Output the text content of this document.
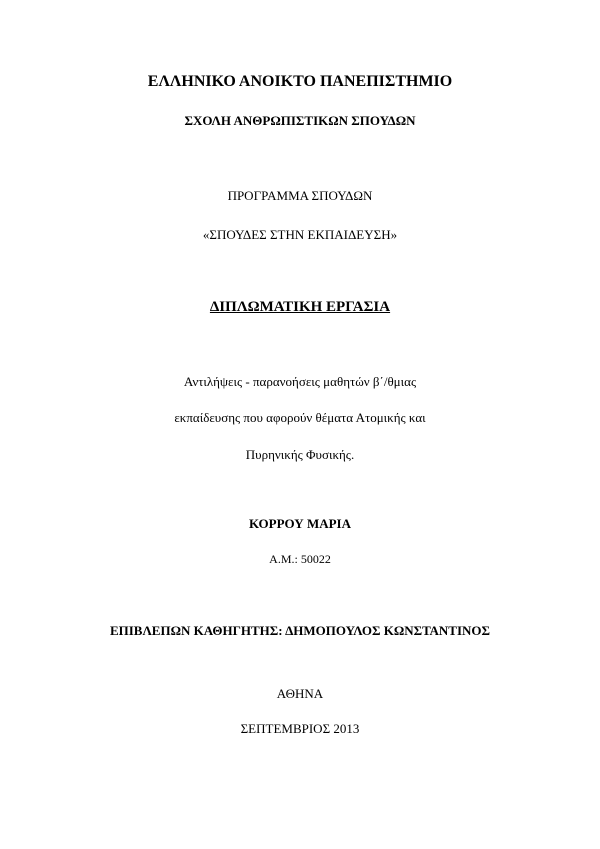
ΕΛΛΗΝΙΚΟ ΑΝΟΙΚΤΟ ΠΑΝΕΠΙΣΤΗΜΙΟ
ΣΧΟΛΗ ΑΝΘΡΩΠΙΣΤΙΚΩΝ ΣΠΟΥΔΩΝ
ΠΡΟΓΡΑΜΜΑ ΣΠΟΥΔΩΝ
«ΣΠΟΥΔΕΣ ΣΤΗΝ ΕΚΠΑΙΔΕΥΣΗ»
ΔΙΠΛΩΜΑΤΙΚΗ ΕΡΓΑΣΙΑ
Αντιλήψεις - παρανοήσεις μαθητών β΄/θμιας
εκπαίδευσης που αφορούν θέματα Ατομικής και
Πυρηνικής Φυσικής.
ΚΟΡΡΟΥ ΜΑΡΙΑ
Α.Μ.: 50022
ΕΠΙΒΛΕΠΩΝ ΚΑΘΗΓΗΤΗΣ: ΔΗΜΟΠΟΥΛΟΣ ΚΩΝΣΤΑΝΤΙΝΟΣ
ΑΘΗΝΑ
ΣΕΠΤΕΜΒΡΙΟΣ 2013
